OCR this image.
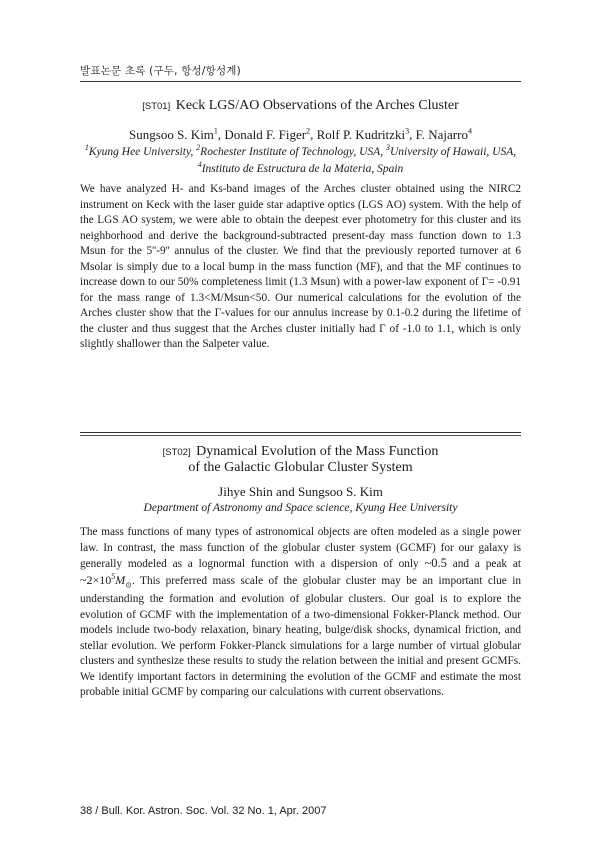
발표논문 초록 (구두, 항성/항성계)
[ST01] Keck LGS/AO Observations of the Arches Cluster
Sungsoo S. Kim$^1$, Donald F. Figer$^2$, Rolf P. Kudritzki$^3$, F. Najarro$^4$
$^1$Kyung Hee University, $^2$Rochester Institute of Technology, USA, $^3$University of Hawaii, USA, $^4$Instituto de Estructura de la Materia, Spain
We have analyzed H- and Ks-band images of the Arches cluster obtained using the NIRC2 instrument on Keck with the laser guide star adaptive optics (LGS AO) system. With the help of the LGS AO system, we were able to obtain the deepest ever photometry for this cluster and its neighborhood and derive the background-subtracted present-day mass function down to 1.3 Msun for the 5''-9'' annulus of the cluster. We find that the previously reported turnover at 6 Msolar is simply due to a local bump in the mass function (MF), and that the MF continues to increase down to our 50% completeness limit (1.3 Msun) with a power-law exponent of Γ= -0.91 for the mass range of 1.3<M/Msun<50. Our numerical calculations for the evolution of the Arches cluster show that the Γ-values for our annulus increase by 0.1-0.2 during the lifetime of the cluster and thus suggest that the Arches cluster initially had Γ of -1.0 to 1.1, which is only slightly shallower than the Salpeter value.
[ST02] Dynamical Evolution of the Mass Function
of the Galactic Globular Cluster System
Jihye Shin and Sungsoo S. Kim
Department of Astronomy and Space science, Kyung Hee University
The mass functions of many types of astronomical objects are often modeled as a single power law. In contrast, the mass function of the globular cluster system (GCMF) for our galaxy is generally modeled as a lognormal function with a dispersion of only ~0.5 and a peak at $\sim 2\times 10^5M_⊙$. This preferred mass scale of the globular cluster may be an important clue in understanding the formation and evolution of globular clusters. Our goal is to explore the evolution of GCMF with the implementation of a two-dimensional Fokker-Planck method. Our models include two-body relaxation, binary heating, bulge/disk shocks, dynamical friction, and stellar evolution. We perform Fokker-Planck simulations for a large number of virtual globular clusters and synthesize these results to study the relation between the initial and present GCMFs. We identify important factors in determining the evolution of the GCMF and estimate the most probable initial GCMF by comparing our calculations with current observations.
38 / Bull. Kor. Astron. Soc. Vol. 32 No. 1, Apr. 2007
